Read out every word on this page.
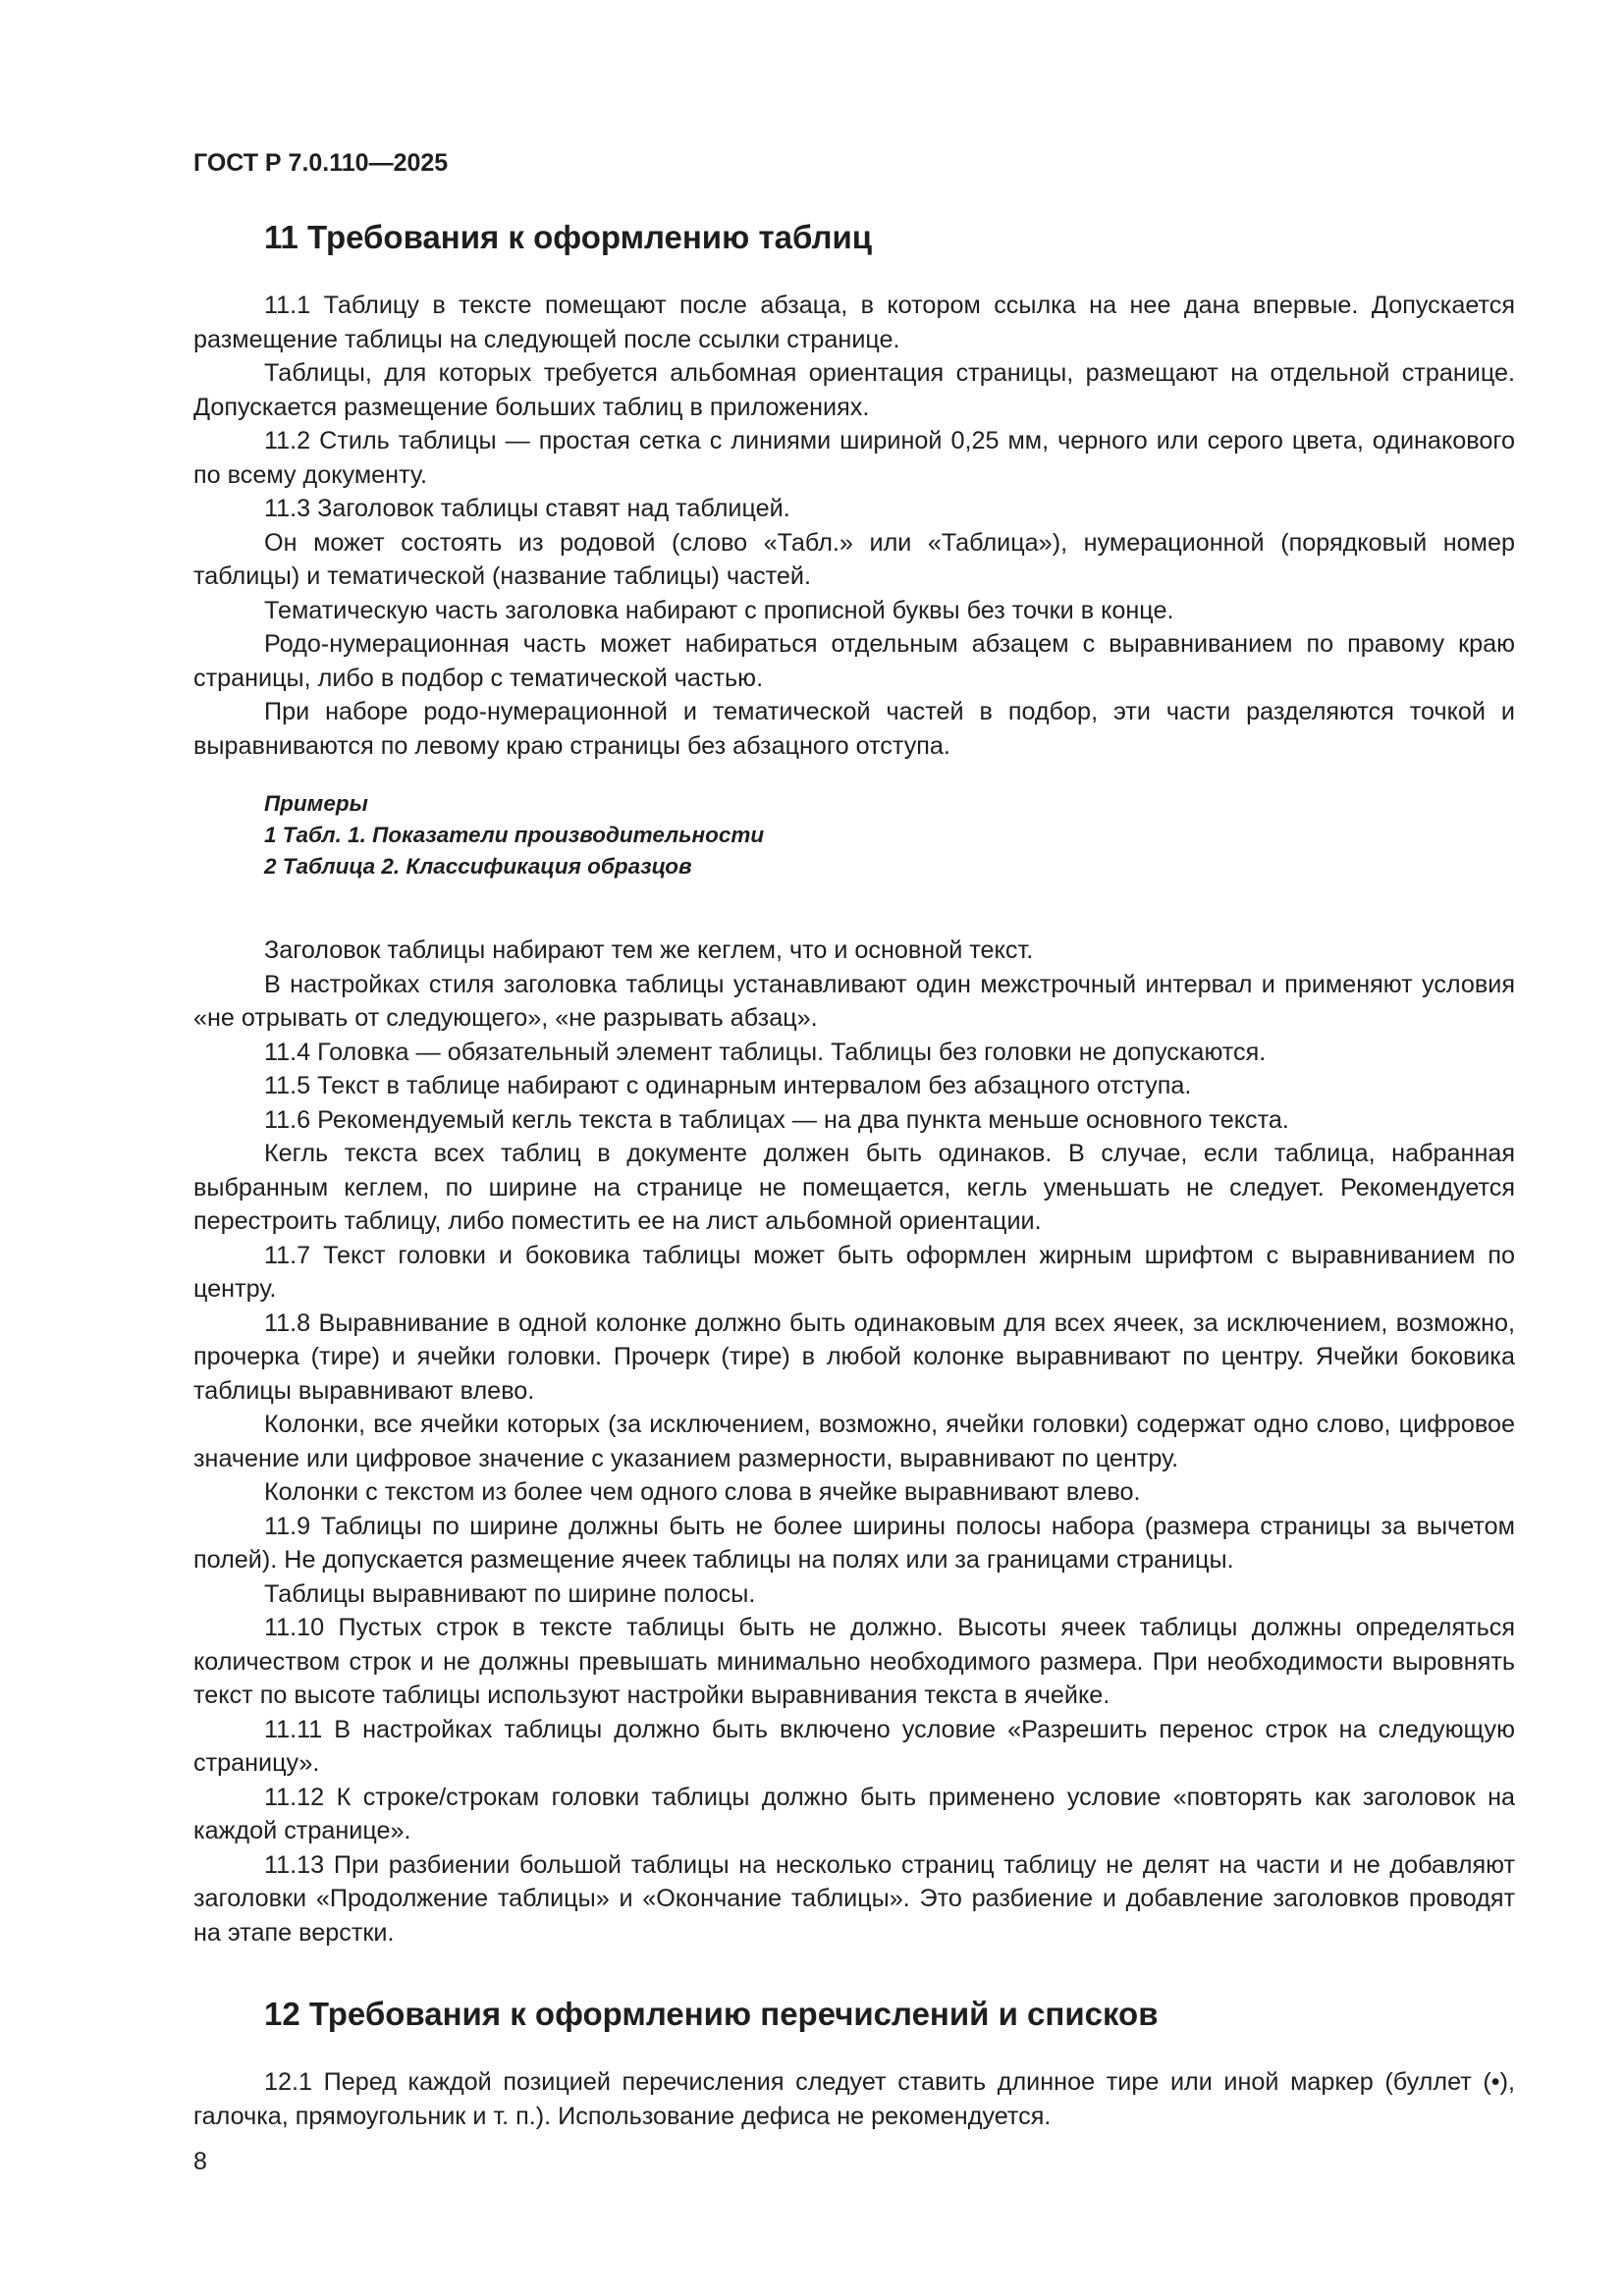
ГОСТ Р 7.0.110—2025

11 Требования к оформлению таблиц

11.1 Таблицу в тексте помещают после абзаца, в котором ссылка на нее дана впервые. Допускается размещение таблицы на следующей после ссылки странице.

Таблицы, для которых требуется альбомная ориентация страницы, размещают на отдельной странице. Допускается размещение больших таблиц в приложениях.

11.2 Стиль таблицы — простая сетка с линиями шириной 0,25 мм, черного или серого цвета, одинакового по всему документу.

11.3 Заголовок таблицы ставят над таблицей.

Он может состоять из родовой (слово «Табл.» или «Таблица»), нумерационной (порядковый номер таблицы) и тематической (название таблицы) частей.

Тематическую часть заголовка набирают с прописной буквы без точки в конце.

Родо-нумерационная часть может набираться отдельным абзацем с выравниванием по правому краю страницы, либо в подбор с тематической частью.

При наборе родо-нумерационной и тематической частей в подбор, эти части разделяются точкой и выравниваются по левому краю страницы без абзацного отступа.

Примеры
1 Табл. 1. Показатели производительности
2 Таблица 2. Классификация образцов

Заголовок таблицы набирают тем же кеглем, что и основной текст.

В настройках стиля заголовка таблицы устанавливают один межстрочный интервал и применяют условия «не отрывать от следующего», «не разрывать абзац».

11.4 Головка — обязательный элемент таблицы. Таблицы без головки не допускаются.

11.5 Текст в таблице набирают с одинарным интервалом без абзацного отступа.

11.6 Рекомендуемый кегль текста в таблицах — на два пункта меньше основного текста.

Кегль текста всех таблиц в документе должен быть одинаков. В случае, если таблица, набранная выбранным кеглем, по ширине на странице не помещается, кегль уменьшать не следует. Рекомендуется перестроить таблицу, либо поместить ее на лист альбомной ориентации.

11.7 Текст головки и боковика таблицы может быть оформлен жирным шрифтом с выравниванием по центру.

11.8 Выравнивание в одной колонке должно быть одинаковым для всех ячеек, за исключением, возможно, прочерка (тире) и ячейки головки. Прочерк (тире) в любой колонке выравнивают по центру. Ячейки боковика таблицы выравнивают влево.

Колонки, все ячейки которых (за исключением, возможно, ячейки головки) содержат одно слово, цифровое значение или цифровое значение с указанием размерности, выравнивают по центру.

Колонки с текстом из более чем одного слова в ячейке выравнивают влево.

11.9 Таблицы по ширине должны быть не более ширины полосы набора (размера страницы за вычетом полей). Не допускается размещение ячеек таблицы на полях или за границами страницы.

Таблицы выравнивают по ширине полосы.

11.10 Пустых строк в тексте таблицы быть не должно. Высоты ячеек таблицы должны определяться количеством строк и не должны превышать минимально необходимого размера. При необходимости выровнять текст по высоте таблицы используют настройки выравнивания текста в ячейке.

11.11 В настройках таблицы должно быть включено условие «Разрешить перенос строк на следующую страницу».

11.12 К строке/строкам головки таблицы должно быть применено условие «повторять как заголовок на каждой странице».

11.13 При разбиении большой таблицы на несколько страниц таблицу не делят на части и не добавляют заголовки «Продолжение таблицы» и «Окончание таблицы». Это разбиение и добавление заголовков проводят на этапе верстки.

12 Требования к оформлению перечислений и списков

12.1 Перед каждой позицией перечисления следует ставить длинное тире или иной маркер (буллет (•), галочка, прямоугольник и т. п.). Использование дефиса не рекомендуется.

8
